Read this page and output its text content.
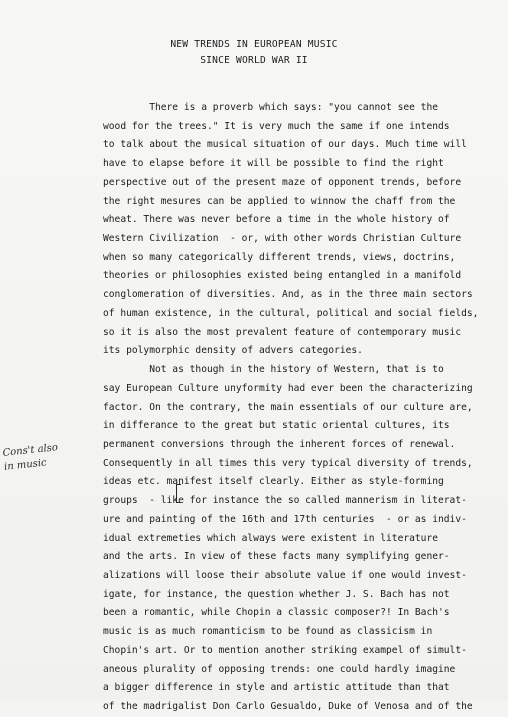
NEW TRENDS IN EUROPEAN MUSIC
SINCE WORLD WAR II
There is a proverb which says: "you cannot see the
wood for the trees." It is very much the same if one intends
to talk about the musical situation of our days. Much time will
have to elapse before it will be possible to find the right
perspective out of the present maze of opponent trends, before
the right mesures can be applied to winnow the chaff from the
wheat. There was never before a time in the whole history of
Western Civilization  - or, with other words Christian Culture
when so many categorically different trends, views, doctrins,
theories or philosophies existed being entangled in a manifold
conglomeration of diversities. And, as in the three main sectors
of human existence, in the cultural, political and social fields,
so it is also the most prevalent feature of contemporary music
its polymorphic density of advers categories.
Not as though in the history of Western, that is to
say European Culture unyformity had ever been the characterizing
factor. On the contrary, the main essentials of our culture are,
in differance to the great but static oriental cultures, its
permanent conversions through the inherent forces of renewal.
Consequently in all times this very typical diversity of trends,
ideas etc. manifest itself clearly. Either as style-forming
groups  - like for instance the so called mannerism in literat-
ure and painting of the 16th and 17th centuries  - or as indiv-
idual extremeties which always were existent in literature
and the arts. In view of these facts many symplifying gener-
alizations will loose their absolute value if one would invest-
igate, for instance, the question whether J. S. Bach has not
been a romantic, while Chopin a classic composer?! In Bach's
music is as much romanticism to be found as classicism in
Chopin's art. Or to mention another striking exampel of simult-
aneous plurality of opposing trends: one could hardly imagine
a bigger difference in style and artistic attitude than that
of the madrigalist Don Carlo Gesualdo, Duke of Venosa and of the
Cons't also
in music
